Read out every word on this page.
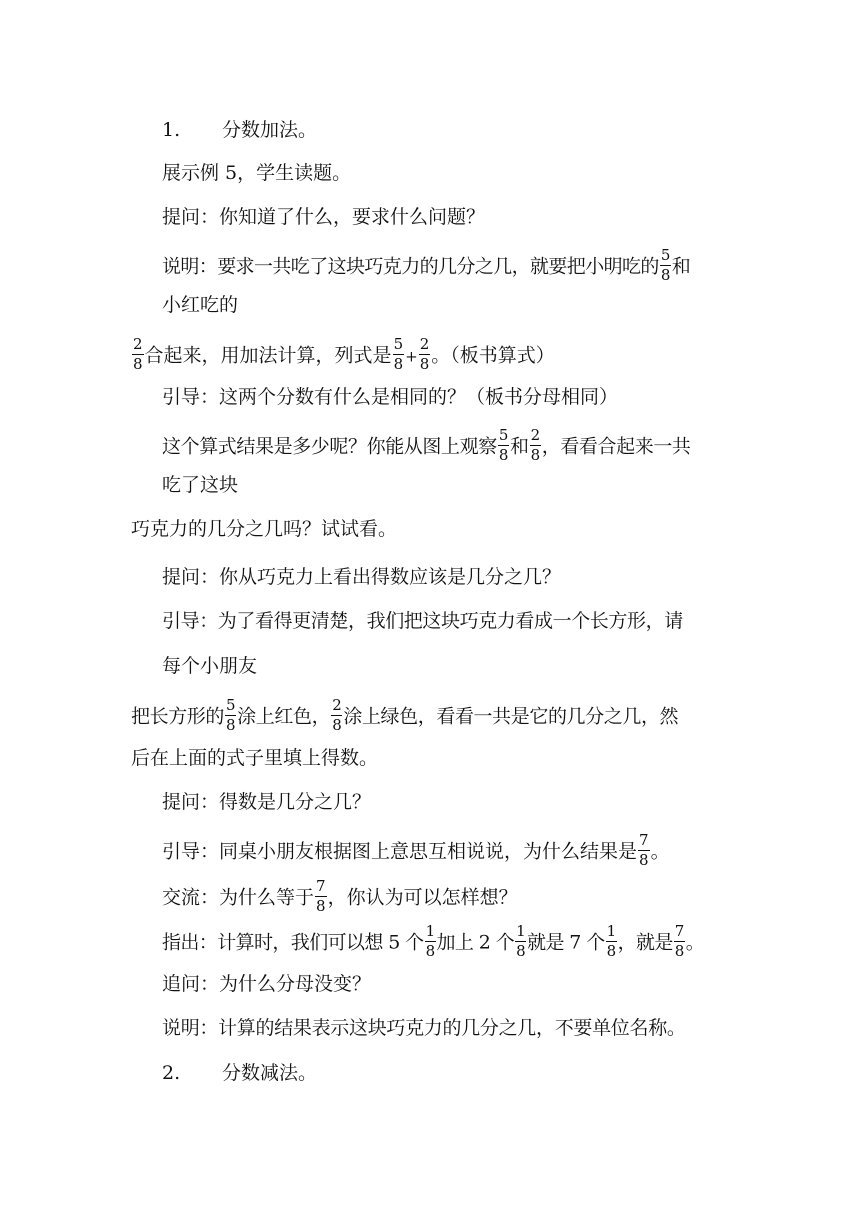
1. 分数加法。
展示例 5，学生读题。
提问：你知道了什么，要求什么问题？
说明：要求一共吃了这块巧克力的几分之几，就要把小明吃的 $\frac{5}{8}$ 和
小红吃的
$\frac{2}{8}$ 合起来，用加法计算，列式是 $\frac{5}{8} + \frac{2}{8}$ 。（板书算式）
引导：这两个分数有什么是相同的？（板书分母相同）
这个算式结果是多少呢？你能从图上观察 $\frac{5}{8}$ 和 $\frac{2}{8}$ ，看看合起来一共
吃了这块
巧克力的几分之几吗？试试看。
提问：你从巧克力上看出得数应该是几分之几？
引导：为了看得更清楚，我们把这块巧克力看成一个长方形，请
每个小朋友
把长方形的 $\frac{5}{8}$ 涂上红色， $\frac{2}{8}$ 涂上绿色，看看一共是它的几分之几，然
后在上面的式子里填上得数。
提问：得数是几分之几？
引导：同桌小朋友根据图上意思互相说说，为什么结果是 $\frac{7}{8}$ 。
交流：为什么等于 $\frac{7}{8}$ ，你认为可以怎样想？
指出：计算时，我们可以想 5 个 $\frac{1}{8}$ 加上 2 个 $\frac{1}{8}$ 就是 7 个 $\frac{1}{8}$ ，就是 $\frac{7}{8}$ 。
追问：为什么分母没变？
说明：计算的结果表示这块巧克力的几分之几，不要单位名称。
2. 分数减法。
